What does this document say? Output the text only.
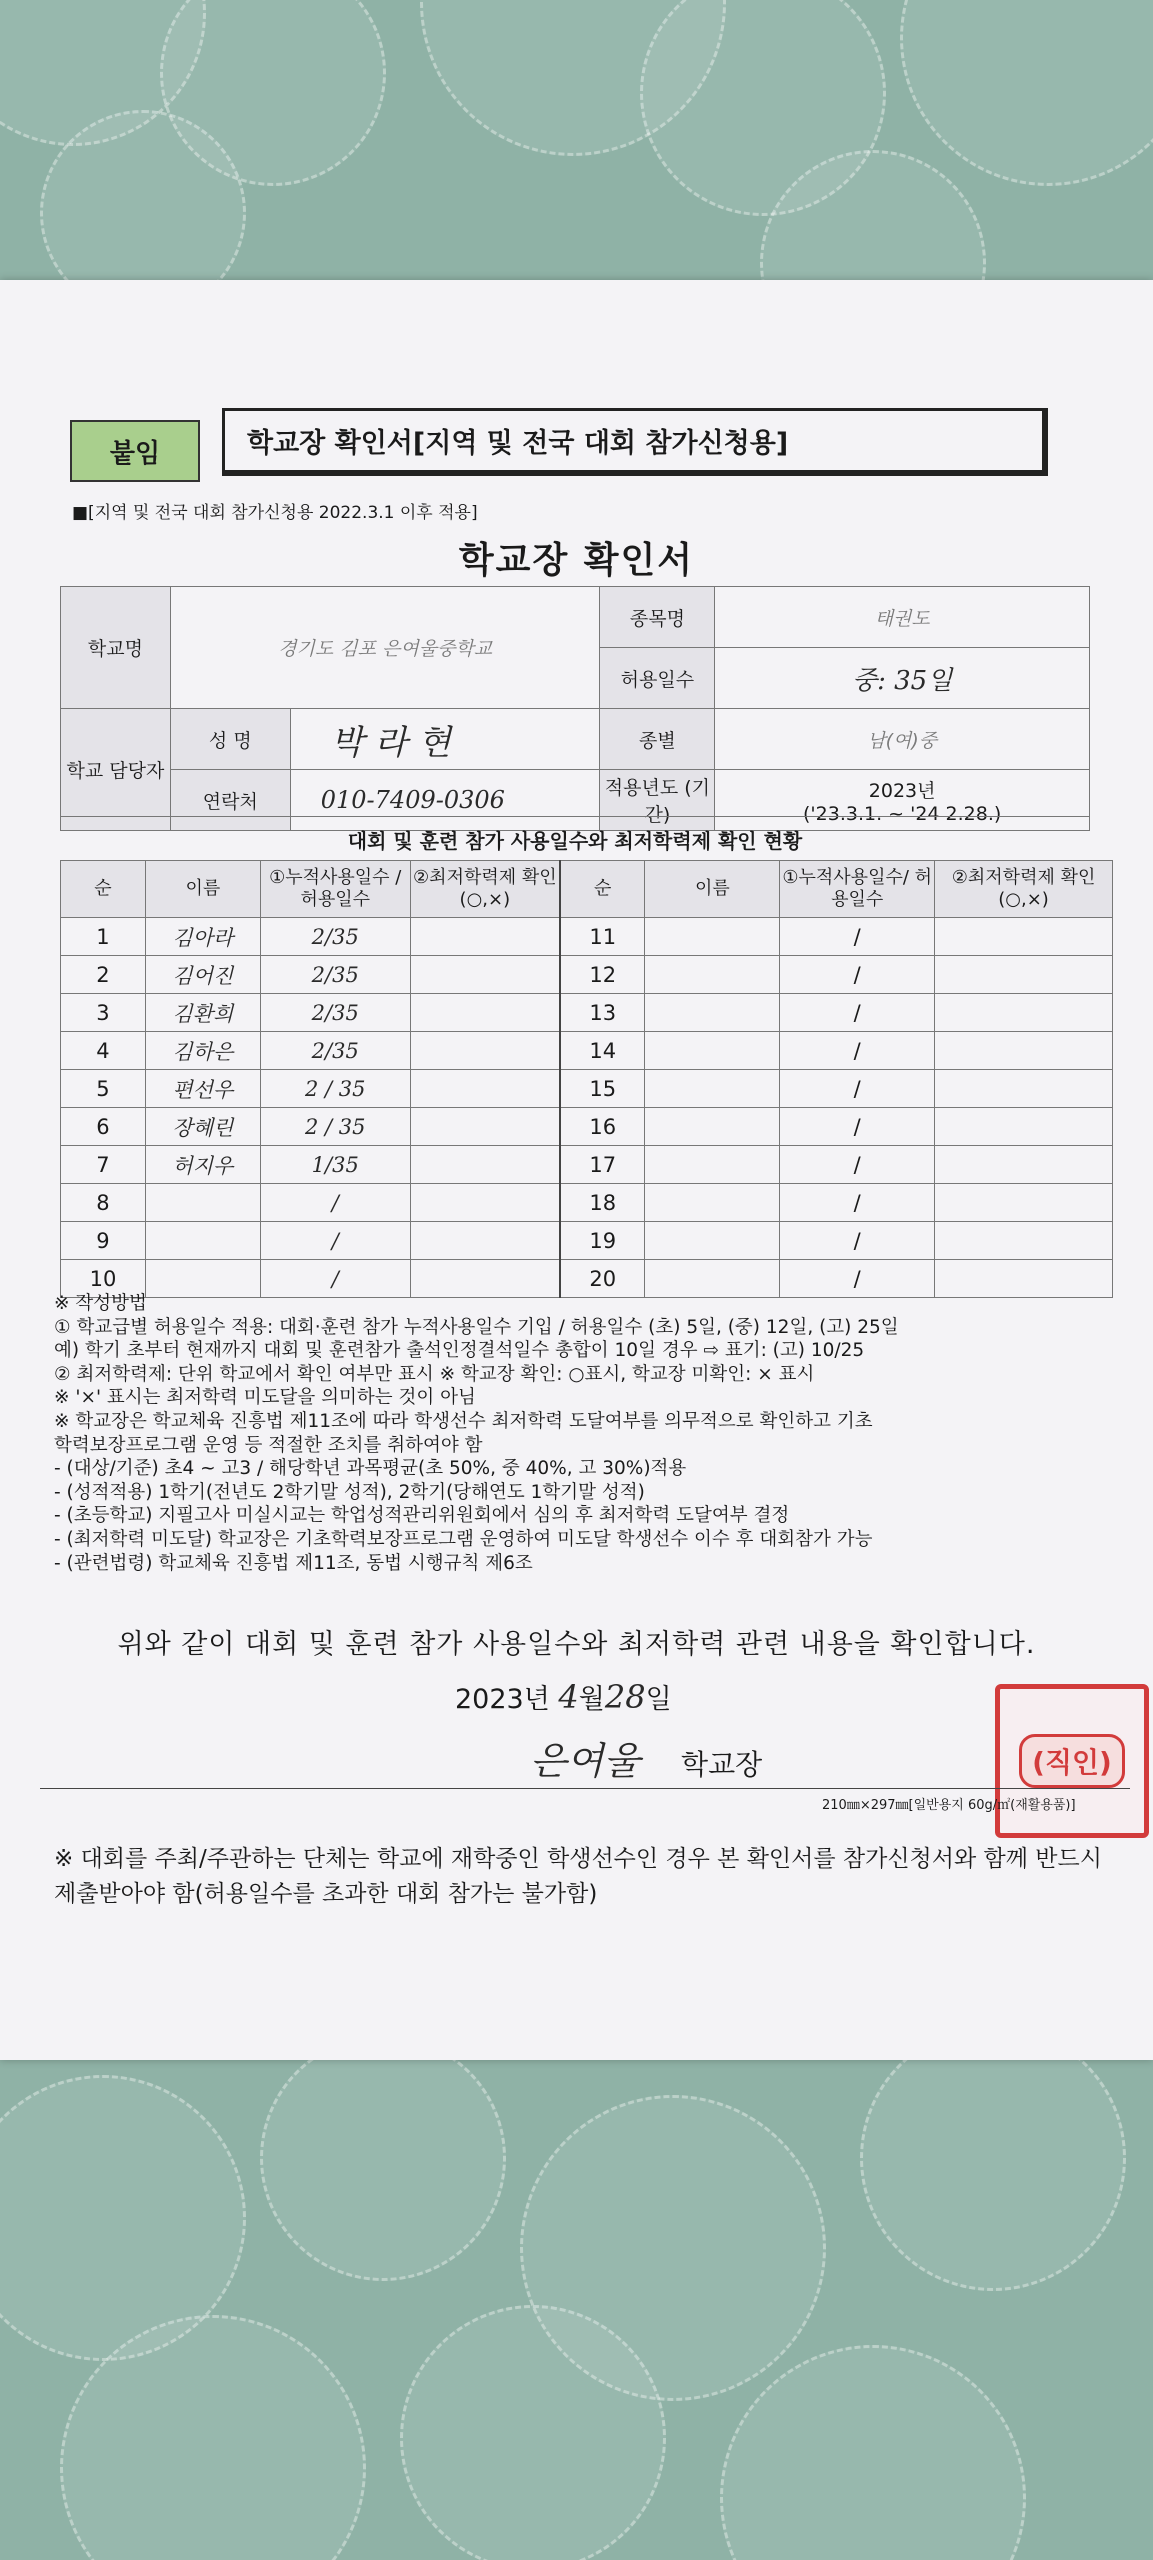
붙임	학교장 확인서[지역 및 전국 대회 참가신청용]
■[지역 및 전국 대회 참가신청용 2022.3.1 이후 적용]
학교장 확인서
학교명	경기도 김포 은여울중학교		종목명	태권도
			허용일수	중: 35일
학교 담당자	성 명	박 라 현	종별	남(여)중
	연락처	010-7409-0306	적용년도 (기간)	2023년
('23.3.1. ~ '24 2.28.)
대회 및 훈련 참가 사용일수와 최저학력제 확인 현황
순	이름	①누적사용일수 /허용일수	②최저학력제 확인(○,×)	순	이름	①누적사용일수/ 허용일수	②최저학력제 확인(○,×)
1	김아라	2/35		11		/	
2	김어진	2/35		12		/	
3	김환희	2/35		13		/	
4	김하은	2/35		14		/	
5	편선우	2 / 35		15		/	
6	장혜린	2 / 35		16		/	
7	허지우	1/35		17		/	
8		/		18		/	
9		/		19		/	
10		/		20		/	
※ 작성방법
① 학교급별 허용일수 적용: 대회·훈련 참가 누적사용일수 기입 / 허용일수 (초) 5일, (중) 12일, (고) 25일
예) 학기 초부터 현재까지 대회 및 훈련참가 출석인정결석일수 총합이 10일 경우 ⇨ 표기: (고) 10/25
② 최저학력제: 단위 학교에서 확인 여부만 표시 ※ 학교장 확인: ○표시, 학교장 미확인: × 표시
※ '×' 표시는 최저학력 미도달을 의미하는 것이 아님
※ 학교장은 학교체육 진흥법 제11조에 따라 학생선수 최저학력 도달여부를 의무적으로 확인하고 기초
학력보장프로그램 운영 등 적절한 조치를 취하여야 함
- (대상/기준) 초4 ~ 고3 / 해당학년 과목평균(초 50%, 중 40%, 고 30%)적용
- (성적적용) 1학기(전년도 2학기말 성적), 2학기(당해연도 1학기말 성적)
- (초등학교) 지필고사 미실시교는 학업성적관리위원회에서 심의 후 최저학력 도달여부 결정
- (최저학력 미도달) 학교장은 기초학력보장프로그램 운영하여 미도달 학생선수 이수 후 대회참가 가능
- (관련법령) 학교체육 진흥법 제11조, 동법 시행규칙 제6조
위와 같이 대회 및 훈련 참가 사용일수와 최저학력 관련 내용을 확인합니다.
2023년 4월28일
은여울 학교장	(직인)
210㎜×297㎜[일반용지 60g/㎡(재활용품)]
※ 대회를 주최/주관하는 단체는 학교에 재학중인 학생선수인 경우 본 확인서를 참가신청서와 함께 반드시 제출받아야 함(허용일수를 초과한 대회 참가는 불가함)
